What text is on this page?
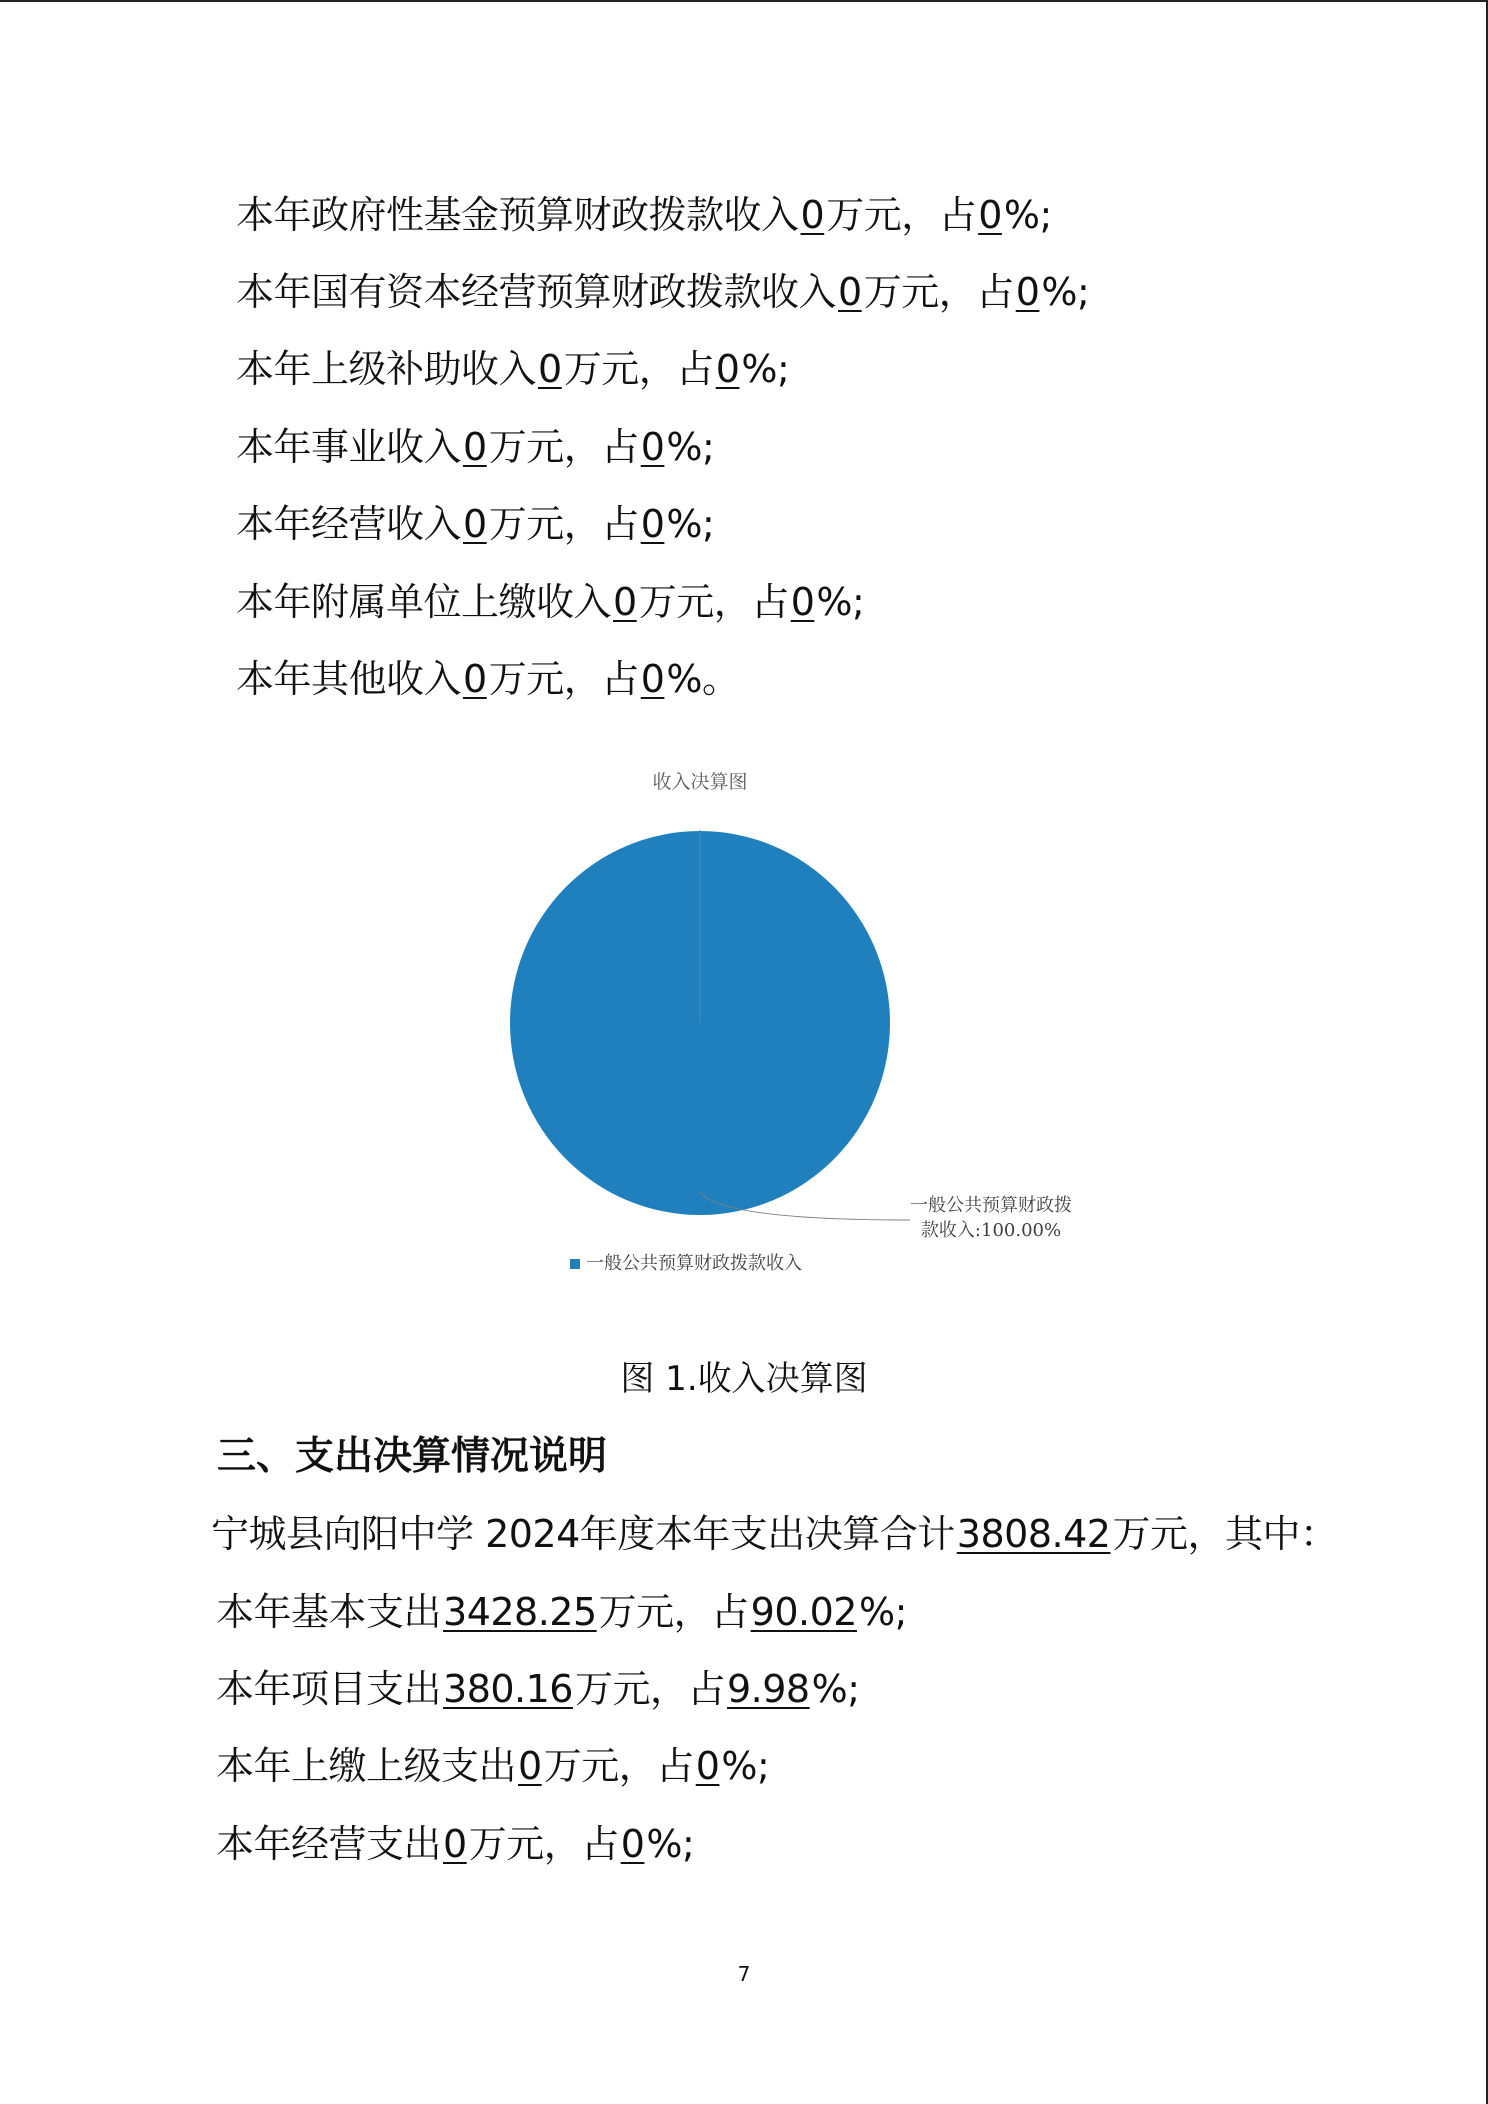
本年政府性基金预算财政拨款收入0万元，占0%;
本年国有资本经营预算财政拨款收入0万元，占0%;
本年上级补助收入0万元，占0%;
本年事业收入0万元，占0%;
本年经营收入0万元，占0%;
本年附属单位上缴收入0万元，占0%;
本年其他收入0万元，占0%。
收入决算图
一般公共预算财政拨
款收入:100.00%
一般公共预算财政拨款收入
图 1.收入决算图
三、支出决算情况说明
宁城县向阳中学 2024年度本年支出决算合计3808.42万元，其中：
本年基本支出3428.25万元，占90.02%;
本年项目支出380.16万元，占9.98%;
本年上缴上级支出0万元，占0%;
本年经营支出0万元，占0%;
7
